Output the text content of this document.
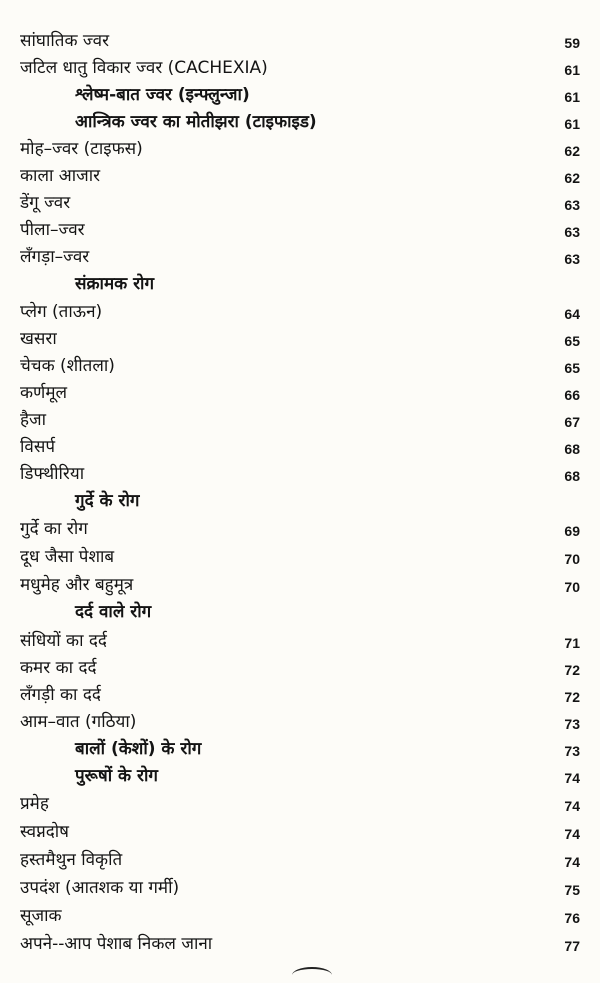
सांघातिक ज्वर	59
जटिल धातु विकार ज्वर (CACHEXIA)	61
श्लेष्म-बात ज्वर (इन्फ्लुन्जा)	61
आन्त्रिक ज्वर का मोतीझरा (टाइफाइड)	61
मोह–ज्वर (टाइफस)	62
काला आजार	62
डेंगू ज्वर	63
पीला–ज्वर	63
लँगड़ा–ज्वर	63
संक्रामक रोग
प्लेग (ताऊन)	64
खसरा	65
चेचक (शीतला)	65
कर्णमूल	66
हैजा	67
विसर्प	68
डिफ्थीरिया	68
गुर्दे के रोग
गुर्दे का रोग	69
दूध जैसा पेशाब	70
मधुमेह और बहुमूत्र	70
दर्द वाले रोग
संधियों का दर्द	71
कमर का दर्द	72
लँगड़ी का दर्द	72
आम–वात (गठिया)	73
बालों (केशों) के रोग	73
पुरूषों के रोग	74
प्रमेह	74
स्वप्नदोष	74
हस्तमैथुन विकृति	74
उपदंश (आतशक या गर्मी)	75
सूजाक	76
अपने--आप पेशाब निकल जाना	77
